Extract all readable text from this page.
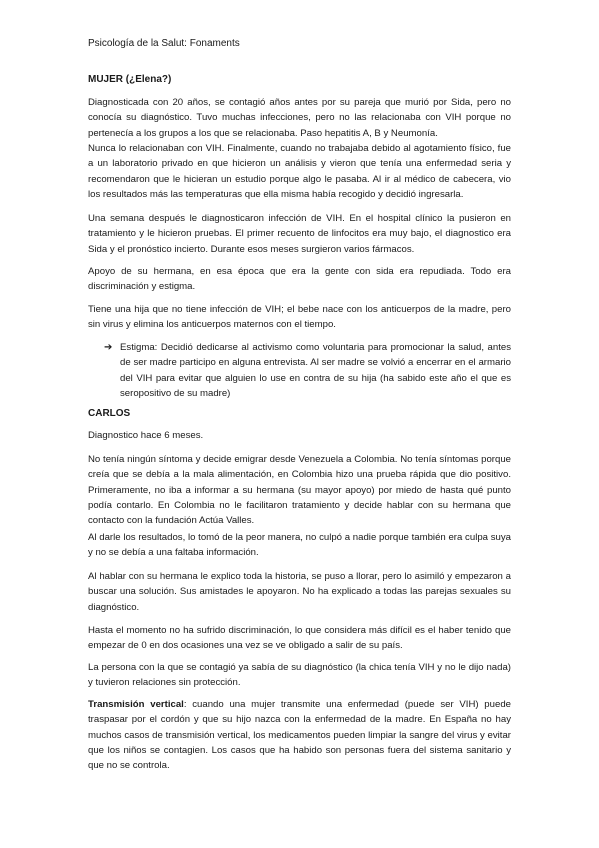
Psicología de la Salut: Fonaments
MUJER (¿Elena?)

Diagnosticada con 20 años, se contagió años antes por su pareja que murió por Sida, pero no conocía su diagnóstico. Tuvo muchas infecciones, pero no las relacionaba con VIH porque no pertenecía a los grupos a los que se relacionaba. Paso hepatitis A, B y Neumonía.

Nunca lo relacionaban con VIH. Finalmente, cuando no trabajaba debido al agotamiento físico, fue a un laboratorio privado en que hicieron un análisis y vieron que tenía una enfermedad seria y recomendaron que le hicieran un estudio porque algo le pasaba. Al ir al médico de cabecera, vio los resultados más las temperaturas que ella misma había recogido y decidió ingresarla.

Una semana después le diagnosticaron infección de VIH. En el hospital clínico la pusieron en tratamiento y le hicieron pruebas. El primer recuento de linfocitos era muy bajo, el diagnostico era Sida y el pronóstico incierto. Durante esos meses surgieron varios fármacos.

Apoyo de su hermana, en esa época que era la gente con sida era repudiada. Todo era discriminación y estigma.

Tiene una hija que no tiene infección de VIH; el bebe nace con los anticuerpos de la madre, pero sin virus y elimina los anticuerpos maternos con el tiempo.

➔ Estigma: Decidió dedicarse al activismo como voluntaria para promocionar la salud, antes de ser madre participo en alguna entrevista. Al ser madre se volvió a encerrar en el armario del VIH para evitar que alguien lo use en contra de su hija (ha sabido este año el que es seropositivo de su madre)

CARLOS

Diagnostico hace 6 meses.

No tenía ningún síntoma y decide emigrar desde Venezuela a Colombia. No tenía síntomas porque creía que se debía a la mala alimentación, en Colombia hizo una prueba rápida que dio positivo. Primeramente, no iba a informar a su hermana (su mayor apoyo) por miedo de hasta qué punto podía contarlo. En Colombia no le facilitaron tratamiento y decide hablar con su hermana que contacto con la fundación Actúa Valles.

Al darle los resultados, lo tomó de la peor manera, no culpó a nadie porque también era culpa suya y no se debía a una faltaba información.

Al hablar con su hermana le explico toda la historia, se puso a llorar, pero lo asimiló y empezaron a buscar una solución. Sus amistades le apoyaron. No ha explicado a todas las parejas sexuales su diagnóstico.

Hasta el momento no ha sufrido discriminación, lo que considera más difícil es el haber tenido que empezar de 0 en dos ocasiones una vez se ve obligado a salir de su país.

La persona con la que se contagió ya sabía de su diagnóstico (la chica tenía VIH y no le dijo nada) y tuvieron relaciones sin protección.

Transmisión vertical: cuando una mujer transmite una enfermedad (puede ser VIH) puede traspasar por el cordón y que su hijo nazca con la enfermedad de la madre. En España no hay muchos casos de transmisión vertical, los medicamentos pueden limpiar la sangre del virus y evitar que los niños se contagien. Los casos que ha habido son personas fuera del sistema sanitario y que no se controla.
